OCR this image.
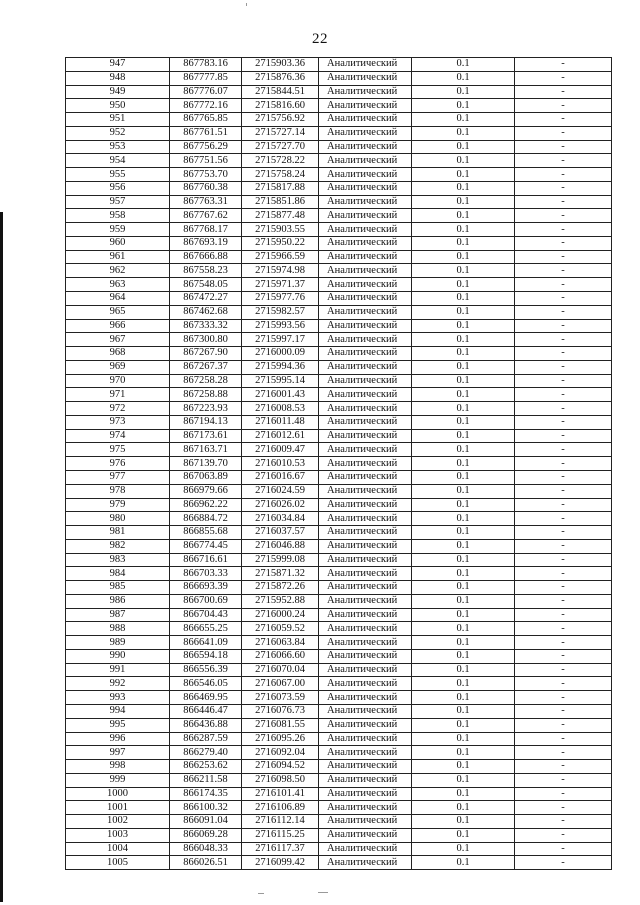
22
947	867783.16	2715903.36	Аналитический	0.1	-
948	867777.85	2715876.36	Аналитический	0.1	-
949	867776.07	2715844.51	Аналитический	0.1	-
950	867772.16	2715816.60	Аналитический	0.1	-
951	867765.85	2715756.92	Аналитический	0.1	-
952	867761.51	2715727.14	Аналитический	0.1	-
953	867756.29	2715727.70	Аналитический	0.1	-
954	867751.56	2715728.22	Аналитический	0.1	-
955	867753.70	2715758.24	Аналитический	0.1	-
956	867760.38	2715817.88	Аналитический	0.1	-
957	867763.31	2715851.86	Аналитический	0.1	-
958	867767.62	2715877.48	Аналитический	0.1	-
959	867768.17	2715903.55	Аналитический	0.1	-
960	867693.19	2715950.22	Аналитический	0.1	-
961	867666.88	2715966.59	Аналитический	0.1	-
962	867558.23	2715974.98	Аналитический	0.1	-
963	867548.05	2715971.37	Аналитический	0.1	-
964	867472.27	2715977.76	Аналитический	0.1	-
965	867462.68	2715982.57	Аналитический	0.1	-
966	867333.32	2715993.56	Аналитический	0.1	-
967	867300.80	2715997.17	Аналитический	0.1	-
968	867267.90	2716000.09	Аналитический	0.1	-
969	867267.37	2715994.36	Аналитический	0.1	-
970	867258.28	2715995.14	Аналитический	0.1	-
971	867258.88	2716001.43	Аналитический	0.1	-
972	867223.93	2716008.53	Аналитический	0.1	-
973	867194.13	2716011.48	Аналитический	0.1	-
974	867173.61	2716012.61	Аналитический	0.1	-
975	867163.71	2716009.47	Аналитический	0.1	-
976	867139.70	2716010.53	Аналитический	0.1	-
977	867063.89	2716016.67	Аналитический	0.1	-
978	866979.66	2716024.59	Аналитический	0.1	-
979	866962.22	2716026.02	Аналитический	0.1	-
980	866884.72	2716034.84	Аналитический	0.1	-
981	866855.68	2716037.57	Аналитический	0.1	-
982	866774.45	2716046.88	Аналитический	0.1	-
983	866716.61	2715999.08	Аналитический	0.1	-
984	866703.33	2715871.32	Аналитический	0.1	-
985	866693.39	2715872.26	Аналитический	0.1	-
986	866700.69	2715952.88	Аналитический	0.1	-
987	866704.43	2716000.24	Аналитический	0.1	-
988	866655.25	2716059.52	Аналитический	0.1	-
989	866641.09	2716063.84	Аналитический	0.1	-
990	866594.18	2716066.60	Аналитический	0.1	-
991	866556.39	2716070.04	Аналитический	0.1	-
992	866546.05	2716067.00	Аналитический	0.1	-
993	866469.95	2716073.59	Аналитический	0.1	-
994	866446.47	2716076.73	Аналитический	0.1	-
995	866436.88	2716081.55	Аналитический	0.1	-
996	866287.59	2716095.26	Аналитический	0.1	-
997	866279.40	2716092.04	Аналитический	0.1	-
998	866253.62	2716094.52	Аналитический	0.1	-
999	866211.58	2716098.50	Аналитический	0.1	-
1000	866174.35	2716101.41	Аналитический	0.1	-
1001	866100.32	2716106.89	Аналитический	0.1	-
1002	866091.04	2716112.14	Аналитический	0.1	-
1003	866069.28	2716115.25	Аналитический	0.1	-
1004	866048.33	2716117.37	Аналитический	0.1	-
1005	866026.51	2716099.42	Аналитический	0.1	-
